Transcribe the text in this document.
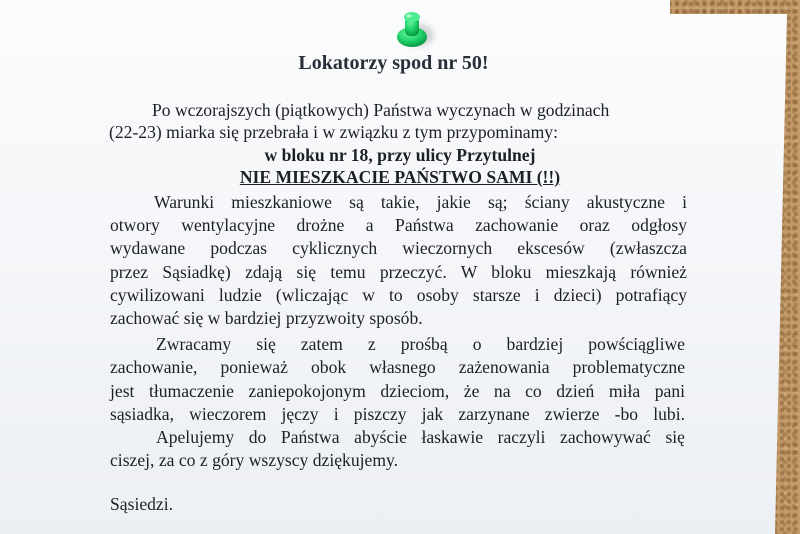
Lokatorzy spod nr 50!
Po wczorajszych (piątkowych) Państwa wyczynach w godzinach
(22-23) miarka się przebrała i w związku z tym przypominamy:
w bloku nr 18, przy ulicy Przytulnej
NIE MIESZKACIE PAŃSTWO SAMI (!!)
Warunki mieszkaniowe są takie, jakie są; ściany akustyczne i
otwory wentylacyjne drożne a Państwa zachowanie oraz odgłosy
wydawane podczas cyklicznych wieczornych ekscesów (zwłaszcza
przez Sąsiadkę) zdają się temu przeczyć. W bloku mieszkają również
cywilizowani ludzie (wliczając w to osoby starsze i dzieci) potrafiący
zachować się w bardziej przyzwoity sposób.
Zwracamy się zatem z prośbą o bardziej powściągliwe
zachowanie, ponieważ obok własnego zażenowania problematyczne
jest tłumaczenie zaniepokojonym dzieciom, że na co dzień miła pani
sąsiadka, wieczorem jęczy i piszczy jak zarzynane zwierze -bo lubi.
Apelujemy do Państwa abyście łaskawie raczyli zachowywać się
ciszej, za co z góry wszyscy dziękujemy.
Sąsiedzi.
